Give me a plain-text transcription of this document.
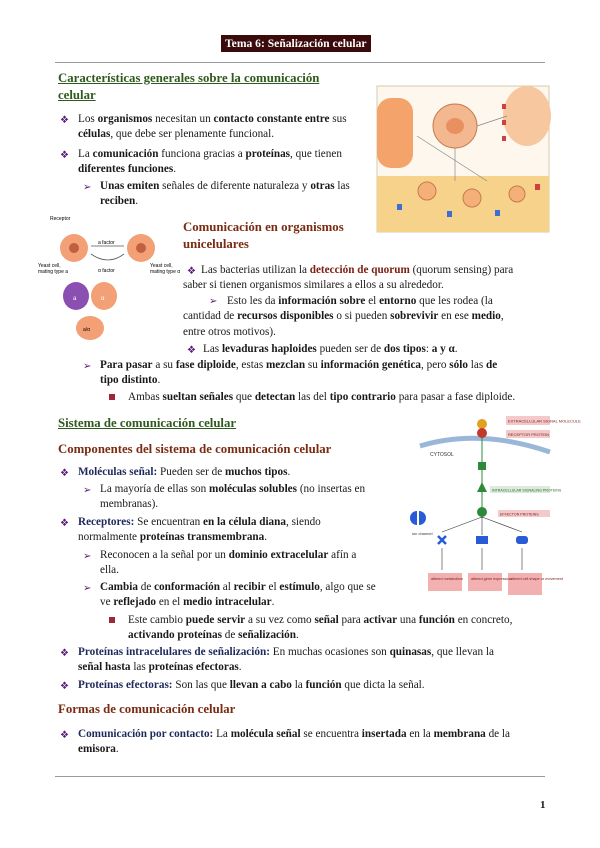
Tema 6: Señalización celular
Características generales sobre la comunicación
celular
❖ Los organismos necesitan un contacto constante entre sus
células, que debe ser plenamente funcional.
❖ La comunicación funciona gracias a proteínas, que tienen
diferentes funciones.
➢ Unas emiten señales de diferente naturaleza y otras las
reciben.
Receptor
a factor
α factor
Yeast cell,
mating type a
Yeast cell,
mating type α
a	α
a/α
Comunicación en organismos
unicelulares
❖ Las bacterias utilizan la detección de quorum (quorum sensing) para
saber si tienen organismos similares a ellos a su alrededor.
➢ Esto les da información sobre el entorno que les rodea (la
cantidad de recursos disponibles o si pueden sobrevivir en ese medio,
entre otros motivos).
❖ Las levaduras haploides pueden ser de dos tipos: a y α.
➢ Para pasar a su fase diploide, estas mezclan su información genética, pero sólo las de
tipo distinto.
Ambas sueltan señales que detectan las del tipo contrario para pasar a fase diploide.
Sistema de comunicación celular
Componentes del sistema de comunicación celular
❖ Moléculas señal: Pueden ser de muchos tipos.
➢ La mayoría de ellas son moléculas solubles (no insertas en
membranas).
❖ Receptores: Se encuentran en la célula diana, siendo
normalmente proteínas transmembrana.
➢ Reconocen a la señal por un dominio extracelular afín a
ella.
➢ Cambia de conformación al recibir el estímulo, algo que se
ve reflejado en el medio intracelular.
Este cambio puede servir a su vez como señal para activar una función en concreto,
activando proteínas de señalización.
❖ Proteínas intracelulares de señalización: En muchas ocasiones son quinasas, que llevan la
señal hasta las proteínas efectoras.
❖ Proteínas efectoras: Son las que llevan a cabo la función que dicta la señal.
EXTRACELLULAR SIGNAL MOLECULE
RECEPTOR PROTEIN
CYTOSOL
INTRACELLULAR SIGNALING PROTEINS
ion channel
EFFECTOR PROTEINS
altered metabolism altered gene expression
altered cell shape or movement
Formas de comunicación celular
❖ Comunicación por contacto: La molécula señal se encuentra insertada en la membrana de la
emisora.
1
